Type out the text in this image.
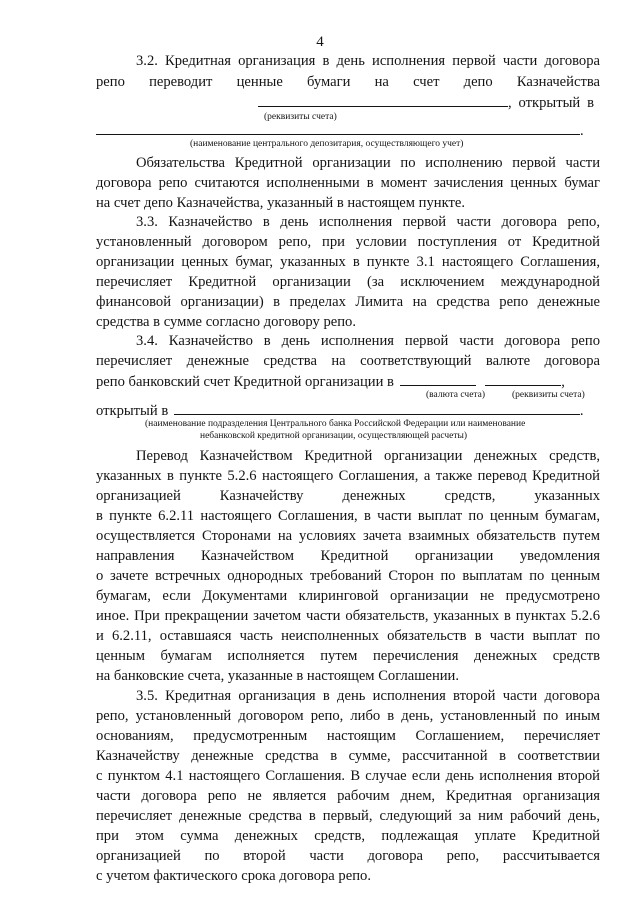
4
3.2. Кредитная организация в день исполнения первой части договора
репо переводит ценные бумаги на счет депо Казначейства
, открытый в
(реквизиты счета)
.
(наименование центрального депозитария, осуществляющего учет)
Обязательства Кредитной организации по исполнению первой части
договора репо считаются исполненными в момент зачисления ценных бумаг
на счет депо Казначейства, указанный в настоящем пункте.
3.3. Казначейство в день исполнения первой части договора репо,
установленный договором репо, при условии поступления от Кредитной
организации ценных бумаг, указанных в пункте 3.1 настоящего Соглашения,
перечисляет Кредитной организации (за исключением международной
финансовой организации) в пределах Лимита на средства репо денежные
средства в сумме согласно договору репо.
3.4. Казначейство в день исполнения первой части договора репо
перечисляет денежные средства на соответствующий валюте договора
репо банковский счет Кредитной организации в	,
(валюта счета)	(реквизиты счета)
открытый в	.
(наименование подразделения Центрального банка Российской Федерации или наименование
небанковской кредитной организации, осуществляющей расчеты)
Перевод Казначейством Кредитной организации денежных средств,
указанных в пункте 5.2.6 настоящего Соглашения, а также перевод Кредитной
организацией Казначейству денежных средств, указанных
в пункте 6.2.11 настоящего Соглашения, в части выплат по ценным бумагам,
осуществляется Сторонами на условиях зачета взаимных обязательств путем
направления Казначейством Кредитной организации уведомления
о зачете встречных однородных требований Сторон по выплатам по ценным
бумагам, если Документами клиринговой организации не предусмотрено
иное. При прекращении зачетом части обязательств, указанных в пунктах 5.2.6
и 6.2.11, оставшаяся часть неисполненных обязательств в части выплат по
ценным бумагам исполняется путем перечисления денежных средств
на банковские счета, указанные в настоящем Соглашении.
3.5. Кредитная организация в день исполнения второй части договора
репо, установленный договором репо, либо в день, установленный по иным
основаниям, предусмотренным настоящим Соглашением, перечисляет
Казначейству денежные средства в сумме, рассчитанной в соответствии
с пунктом 4.1 настоящего Соглашения. В случае если день исполнения второй
части договора репо не является рабочим днем, Кредитная организация
перечисляет денежные средства в первый, следующий за ним рабочий день,
при этом сумма денежных средств, подлежащая уплате Кредитной
организацией по второй части договора репо, рассчитывается
с учетом фактического срока договора репо.
